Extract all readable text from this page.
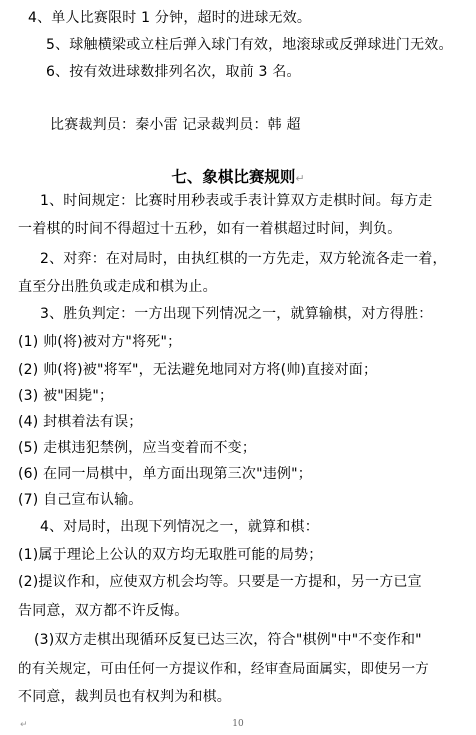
4、单人比赛限时 1 分钟，超时的进球无效。
5、球触横梁或立柱后弹入球门有效，地滚球或反弹球进门无效。
6、按有效进球数排列名次，取前 3 名。
比赛裁判员：秦小雷 记录裁判员：韩 超
七、象棋比赛规则↵
1、时间规定：比赛时用秒表或手表计算双方走棋时间。每方走
一着棋的时间不得超过十五秒，如有一着棋超过时间，判负。
2、对弈：在对局时，由执红棋的一方先走，双方轮流各走一着，
直至分出胜负或走成和棋为止。
3、胜负判定：一方出现下列情况之一，就算输棋，对方得胜：
(1) 帅(将)被对方"将死"；
(2) 帅(将)被"将军"，无法避免地同对方将(帅)直接对面；
(3) 被"困毙"；
(4) 封棋着法有误；
(5) 走棋违犯禁例，应当变着而不变；
(6) 在同一局棋中，单方面出现第三次"违例"；
(7) 自己宣布认输。
4、对局时，出现下列情况之一，就算和棋：
(1)属于理论上公认的双方均无取胜可能的局势；
(2)提议作和，应使双方机会均等。只要是一方提和，另一方已宣
告同意，双方都不许反悔。
(3)双方走棋出现循环反复已达三次，符合"棋例"中"不变作和"
的有关规定，可由任何一方提议作和，经审查局面属实，即使另一方
不同意，裁判员也有权判为和棋。
↵	10
